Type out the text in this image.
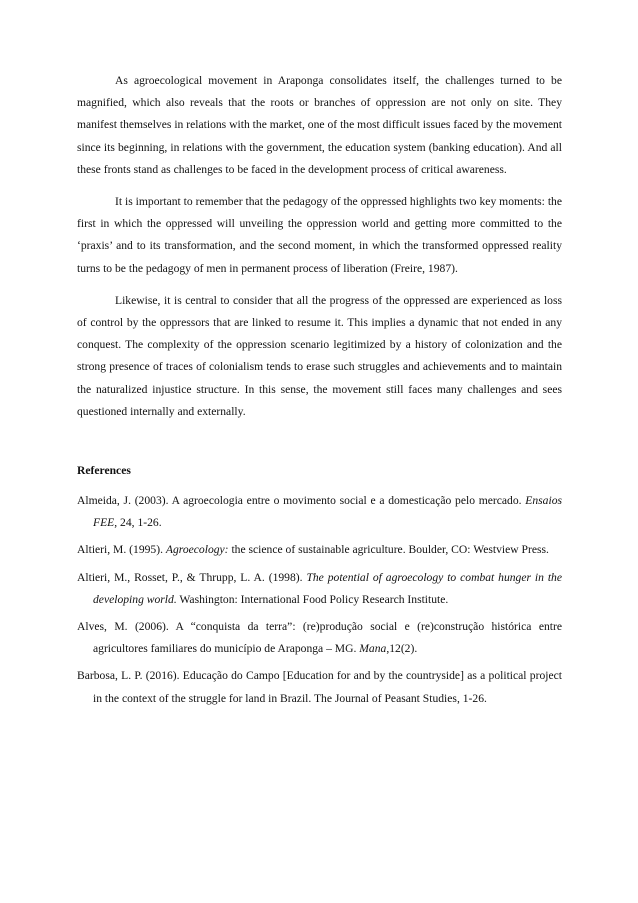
As agroecological movement in Araponga consolidates itself, the challenges turned to be magnified, which also reveals that the roots or branches of oppression are not only on site. They manifest themselves in relations with the market, one of the most difficult issues faced by the movement since its beginning, in relations with the government, the education system (banking education). And all these fronts stand as challenges to be faced in the development process of critical awareness.

It is important to remember that the pedagogy of the oppressed highlights two key moments: the first in which the oppressed will unveiling the oppression world and getting more committed to the ‘praxis’ and to its transformation, and the second moment, in which the transformed oppressed reality turns to be the pedagogy of men in permanent process of liberation (Freire, 1987).

Likewise, it is central to consider that all the progress of the oppressed are experienced as loss of control by the oppressors that are linked to resume it. This implies a dynamic that not ended in any conquest. The complexity of the oppression scenario legitimized by a history of colonization and the strong presence of traces of colonialism tends to erase such struggles and achievements and to maintain the naturalized injustice structure. In this sense, the movement still faces many challenges and sees questioned internally and externally.

References

Almeida, J. (2003). A agroecologia entre o movimento social e a domesticação pelo mercado. Ensaios FEE, 24, 1-26.

Altieri, M. (1995). Agroecology: the science of sustainable agriculture. Boulder, CO: Westview Press.

Altieri, M., Rosset, P., & Thrupp, L. A. (1998). The potential of agroecology to combat hunger in the developing world. Washington: International Food Policy Research Institute.

Alves, M. (2006). A “conquista da terra”: (re)produção social e (re)construção histórica entre agricultores familiares do município de Araponga – MG. Mana,12(2).

Barbosa, L. P. (2016). Educação do Campo [Education for and by the countryside] as a political project in the context of the struggle for land in Brazil. The Journal of Peasant Studies, 1-26.
